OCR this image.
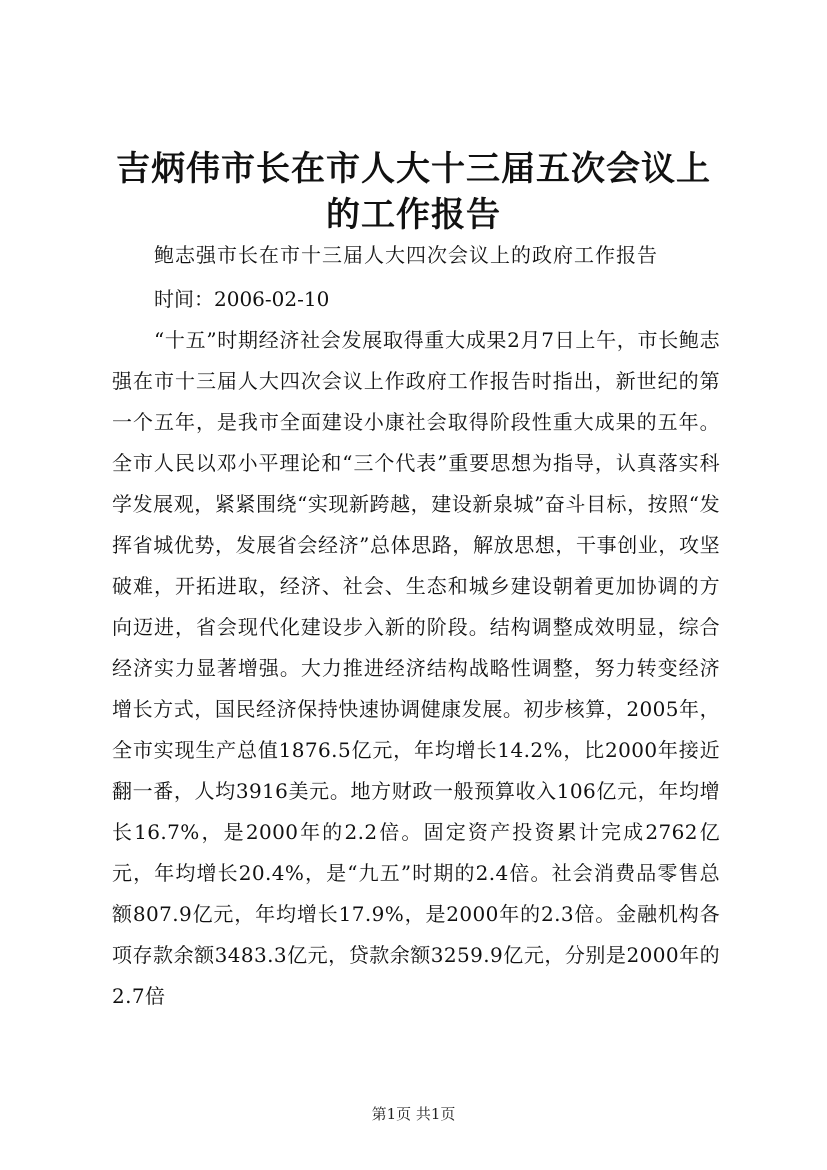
吉炳伟市长在市人大十三届五次会议上的工作报告

鲍志强市长在市十三届人大四次会议上的政府工作报告

时间：2006-02-10

“十五”时期经济社会发展取得重大成果2月7日上午，市长鲍志强在市十三届人大四次会议上作政府工作报告时指出，新世纪的第一个五年，是我市全面建设小康社会取得阶段性重大成果的五年。全市人民以邓小平理论和“三个代表”重要思想为指导，认真落实科学发展观，紧紧围绕“实现新跨越，建设新泉城”奋斗目标，按照“发挥省城优势，发展省会经济”总体思路，解放思想，干事创业，攻坚破难，开拓进取，经济、社会、生态和城乡建设朝着更加协调的方向迈进，省会现代化建设步入新的阶段。结构调整成效明显，综合经济实力显著增强。大力推进经济结构战略性调整，努力转变经济增长方式，国民经济保持快速协调健康发展。初步核算，2005年，全市实现生产总值1876.5亿元，年均增长14.2%，比2000年接近翻一番，人均3916美元。地方财政一般预算收入106亿元，年均增长16.7%，是2000年的2.2倍。固定资产投资累计完成2762亿元，年均增长20.4%，是“九五”时期的2.4倍。社会消费品零售总额807.9亿元，年均增长17.9%，是2000年的2.3倍。金融机构各项存款余额3483.3亿元，贷款余额3259.9亿元，分别是2000年的2.7倍

第1页 共1页
